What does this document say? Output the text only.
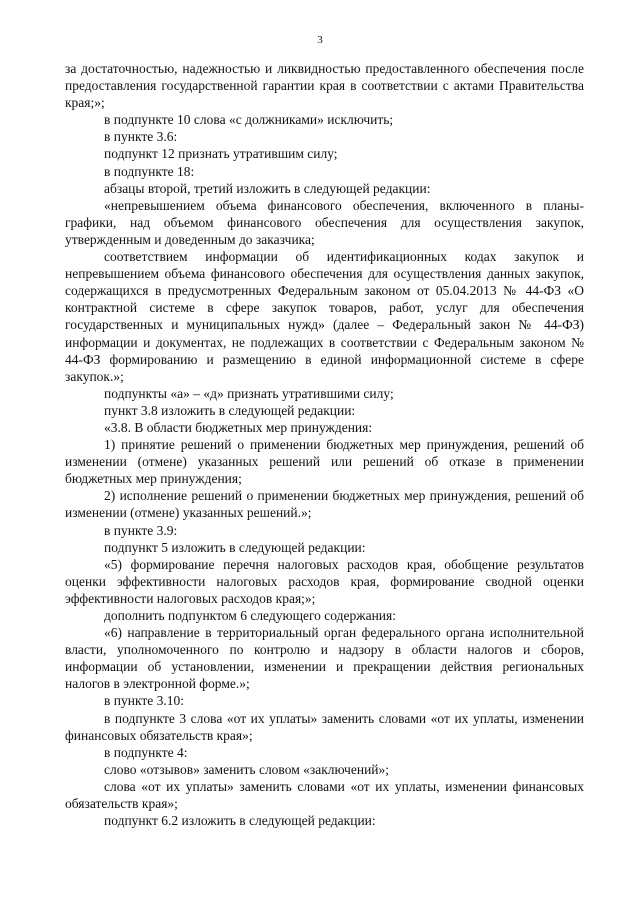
3

за достаточностью, надежностью и ликвидностью предоставленного обеспечения после предоставления государственной гарантии края в соответствии с актами Правительства края;»;

в подпункте 10 слова «с должниками» исключить;

в пункте 3.6:

подпункт 12 признать утратившим силу;

в подпункте 18:

абзацы второй, третий изложить в следующей редакции:

«непревышением объема финансового обеспечения, включенного в планы-графики, над объемом финансового обеспечения для осуществления закупок, утвержденным и доведенным до заказчика;

соответствием информации об идентификационных кодах закупок и непревышением объема финансового обеспечения для осуществления данных закупок, содержащихся в предусмотренных Федеральным законом от 05.04.2013 № 44-ФЗ «О контрактной системе в сфере закупок товаров, работ, услуг для обеспечения государственных и муниципальных нужд» (далее – Федеральный закон № 44-ФЗ) информации и документах, не подлежащих в соответствии с Федеральным законом № 44-ФЗ формированию и размещению в единой информационной системе в сфере закупок.»;

подпункты «а» – «д» признать утратившими силу;

пункт 3.8 изложить в следующей редакции:

«3.8. В области бюджетных мер принуждения:

1) принятие решений о применении бюджетных мер принуждения, решений об изменении (отмене) указанных решений или решений об отказе в применении бюджетных мер принуждения;

2) исполнение решений о применении бюджетных мер принуждения, решений об изменении (отмене) указанных решений.»;

в пункте 3.9:

подпункт 5 изложить в следующей редакции:

«5) формирование перечня налоговых расходов края, обобщение результатов оценки эффективности налоговых расходов края, формирование сводной оценки эффективности налоговых расходов края;»;

дополнить подпунктом 6 следующего содержания:

«6) направление в территориальный орган федерального органа исполнительной власти, уполномоченного по контролю и надзору в области налогов и сборов, информации об установлении, изменении и прекращении действия региональных налогов в электронной форме.»;

в пункте 3.10:

в подпункте 3 слова «от их уплаты» заменить словами «от их уплаты, изменении финансовых обязательств края»;

в подпункте 4:

слово «отзывов» заменить словом «заключений»;

слова «от их уплаты» заменить словами «от их уплаты, изменении финансовых обязательств края»;

подпункт 6.2 изложить в следующей редакции:
